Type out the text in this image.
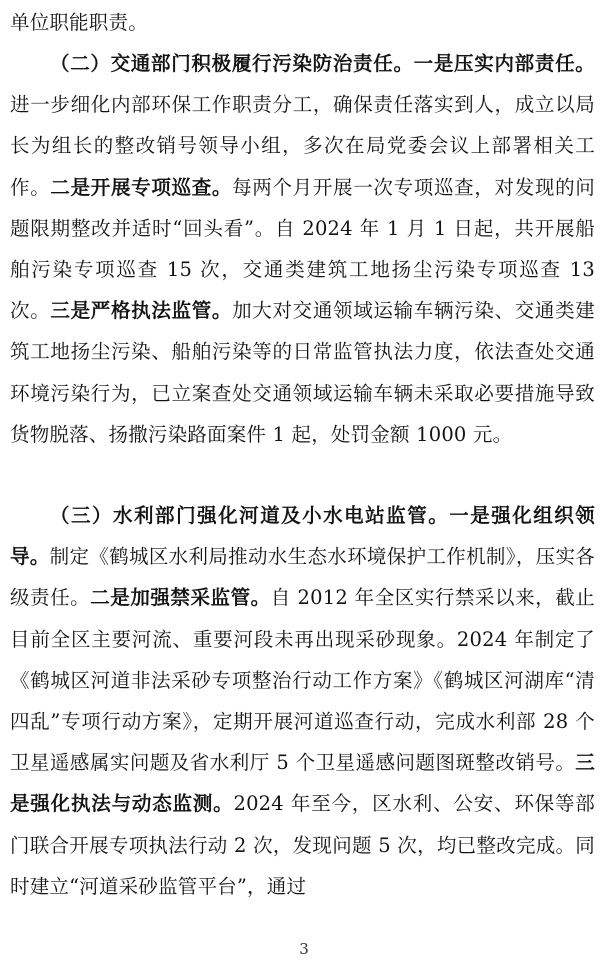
单位职能职责。

（二）交通部门积极履行污染防治责任。一是压实内部责任。进一步细化内部环保工作职责分工，确保责任落实到人，成立以局长为组长的整改销号领导小组，多次在局党委会议上部署相关工作。二是开展专项巡查。每两个月开展一次专项巡查，对发现的问题限期整改并适时“回头看”。自 2024 年 1 月 1 日起，共开展船舶污染专项巡查 15 次，交通类建筑工地扬尘污染专项巡查 13 次。三是严格执法监管。加大对交通领域运输车辆污染、交通类建筑工地扬尘污染、船舶污染等的日常监管执法力度，依法查处交通环境污染行为，已立案查处交通领域运输车辆未采取必要措施导致货物脱落、扬撒污染路面案件 1 起，处罚金额 1000 元。

（三）水利部门强化河道及小水电站监管。一是强化组织领导。制定《鹤城区水利局推动水生态水环境保护工作机制》，压实各级责任。二是加强禁采监管。自 2012 年全区实行禁采以来，截止目前全区主要河流、重要河段未再出现采砂现象。2024 年制定了《鹤城区河道非法采砂专项整治行动工作方案》《鹤城区河湖库“清四乱”专项行动方案》，定期开展河道巡查行动，完成水利部 28 个卫星遥感属实问题及省水利厅 5 个卫星遥感问题图斑整改销号。三是强化执法与动态监测。2024 年至今，区水利、公安、环保等部门联合开展专项执法行动 2 次，发现问题 5 次，均已整改完成。同时建立“河道采砂监管平台”，通过

3
